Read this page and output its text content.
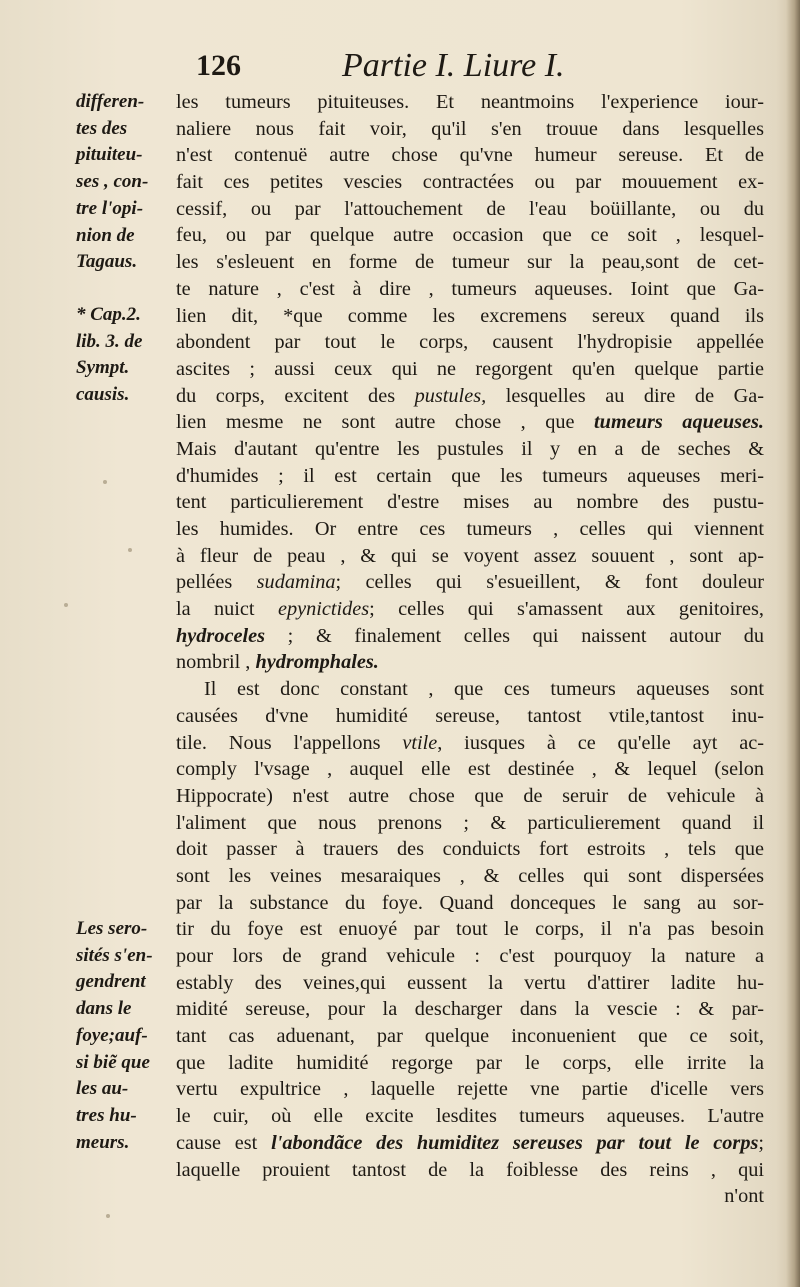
126	Partie I. Liure I.
differen-
tes des
pituiteu-
ses , con-
tre l'opi-
nion de
Tagaus.
* Cap.2.
lib. 3. de
Sympt.
causis.
Les sero-
sités s'en-
gendrent
dans le
foye;auf-
si biẽ que
les au-
tres hu-
meurs.
les tumeurs pituiteuses. Et neantmoins l'experience iour-
naliere nous fait voir, qu'il s'en trouue dans lesquelles
n'est contenuë autre chose qu'vne humeur sereuse. Et de
fait ces petites vescies contractées ou par mouuement ex-
cessif, ou par l'attouchement de l'eau boüillante, ou du
feu, ou par quelque autre occasion que ce soit , lesquel-
les s'esleuent en forme de tumeur sur la peau,sont de cet-
te nature , c'est à dire , tumeurs aqueuses. Ioint que Ga-
lien dit, *que comme les excremens sereux quand ils
abondent par tout le corps, causent l'hydropisie appellée
ascites ; aussi ceux qui ne regorgent qu'en quelque partie
du corps, excitent des pustules, lesquelles au dire de Ga-
lien mesme ne sont autre chose , que tumeurs aqueuses.
Mais d'autant qu'entre les pustules il y en a de seches &
d'humides ; il est certain que les tumeurs aqueuses meri-
tent particulierement d'estre mises au nombre des pustu-
les humides. Or entre ces tumeurs , celles qui viennent
à fleur de peau , & qui se voyent assez souuent , sont ap-
pellées sudamina; celles qui s'esueillent, & font douleur
la nuict epynictides; celles qui s'amassent aux genitoires,
hydroceles ; & finalement celles qui naissent autour du
nombril , hydromphales.
Il est donc constant , que ces tumeurs aqueuses sont
causées d'vne humidité sereuse, tantost vtile,tantost inu-
tile. Nous l'appellons vtile, iusques à ce qu'elle ayt ac-
comply l'vsage , auquel elle est destinée , & lequel (selon
Hippocrate) n'est autre chose que de seruir de vehicule à
l'aliment que nous prenons ; & particulierement quand il
doit passer à trauers des conduicts fort estroits , tels que
sont les veines mesaraiques , & celles qui sont dispersées
par la substance du foye. Quand donceques le sang au sor-
tir du foye est enuoyé par tout le corps, il n'a pas besoin
pour lors de grand vehicule : c'est pourquoy la nature a
estably des veines,qui eussent la vertu d'attirer ladite hu-
midité sereuse, pour la descharger dans la vescie : & par-
tant cas aduenant, par quelque inconuenient que ce soit,
que ladite humidité regorge par le corps, elle irrite la
vertu expultrice , laquelle rejette vne partie d'icelle vers
le cuir, où elle excite lesdites tumeurs aqueuses. L'autre
cause est l'abondãce des humiditez sereuses par tout le corps;
laquelle prouient tantost de la foiblesse des reins , qui
n'ont
